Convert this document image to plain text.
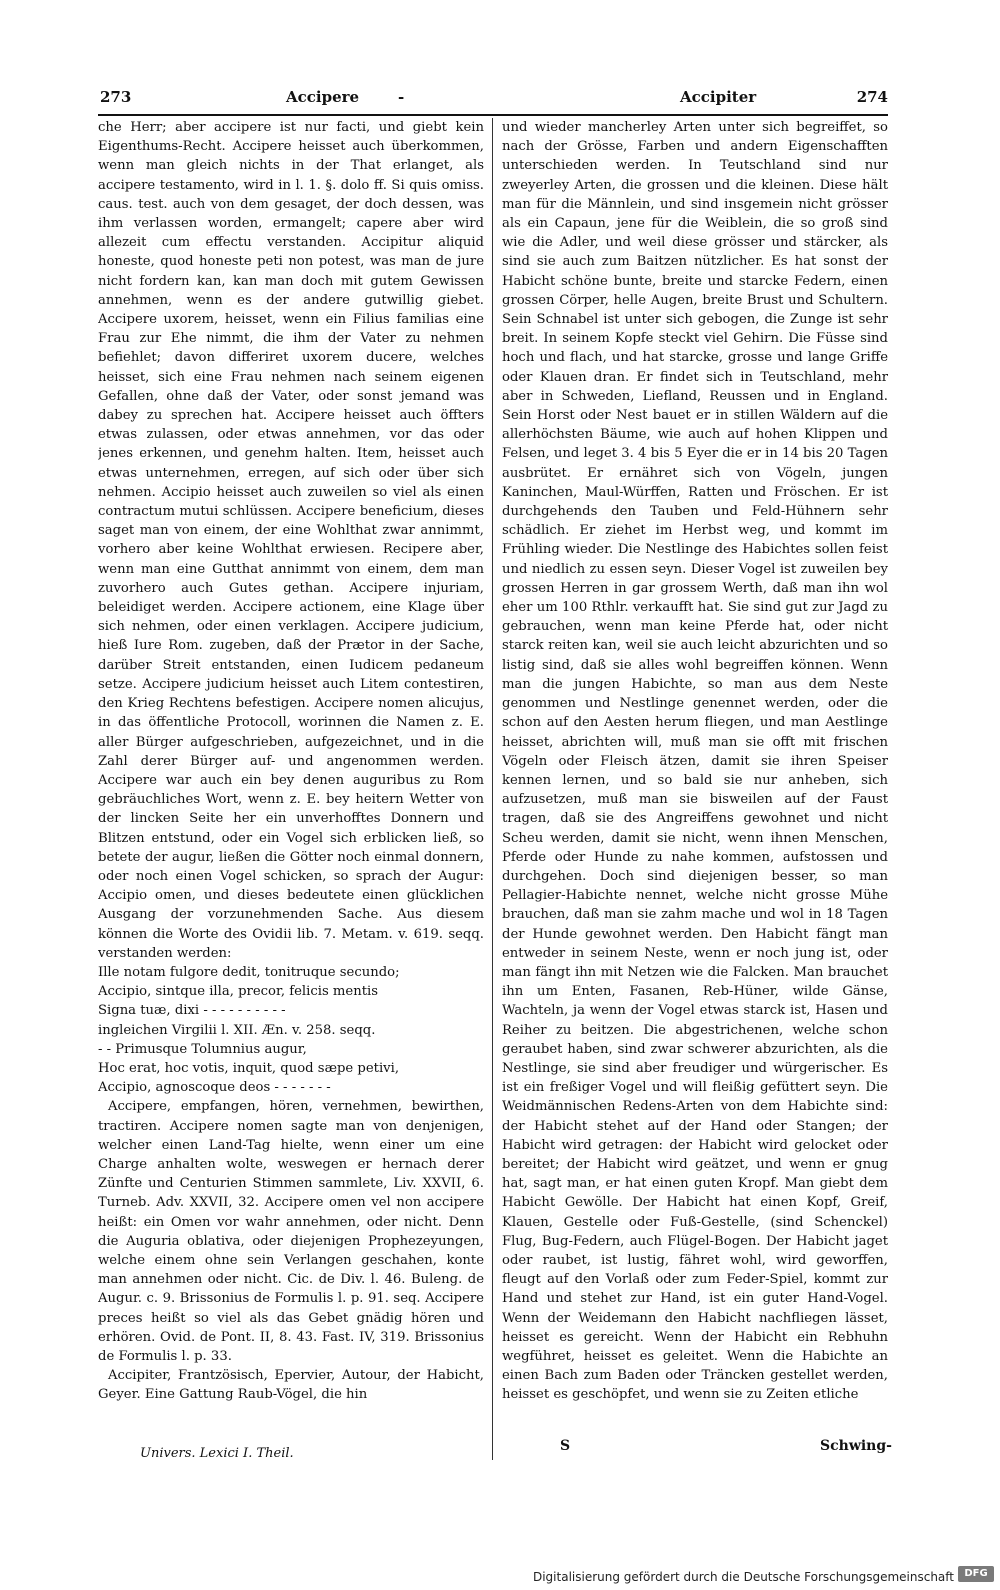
273	Accipere	-	Accipiter	274

che Herr; aber accipere ist nur facti, und giebt kein Eigenthums-Recht. Accipere heisset auch überkommen, wenn man gleich nichts in der That erlanget, als accipere testamento, wird in l. 1. §. dolo ff. Si quis omiss. caus. test. auch von dem gesaget, der doch dessen, was ihm verlassen worden, ermangelt; capere aber wird allezeit cum effectu verstanden. Accipitur aliquid honeste, quod honeste peti non potest, was man de jure nicht fordern kan, kan man doch mit gutem Gewissen annehmen, wenn es der andere gutwillig giebet. Accipere uxorem, heisset, wenn ein Filius familias eine Frau zur Ehe nimmt, die ihm der Vater zu nehmen befiehlet; davon differiret uxorem ducere, welches heisset, sich eine Frau nehmen nach seinem eigenen Gefallen, ohne daß der Vater, oder sonst jemand was dabey zu sprechen hat. Accipere heisset auch öffters etwas zulassen, oder etwas annehmen, vor das oder jenes erkennen, und genehm halten. Item, heisset auch etwas unternehmen, erregen, auf sich oder über sich nehmen. Accipio heisset auch zuweilen so viel als einen contractum mutui schlüssen. Accipere beneficium, dieses saget man von einem, der eine Wohlthat zwar annimmt, vorhero aber keine Wohlthat erwiesen. Recipere aber, wenn man eine Gutthat annimmt von einem, dem man zuvorhero auch Gutes gethan. Accipere injuriam, beleidiget werden. Accipere actionem, eine Klage über sich nehmen, oder einen verklagen. Accipere judicium, hieß Iure Rom. zugeben, daß der Prætor in der Sache, darüber Streit entstanden, einen Iudicem pedaneum setze. Accipere judicium heisset auch Litem contestiren, den Krieg Rechtens befestigen. Accipere nomen alicujus, in das öffentliche Protocoll, worinnen die Namen z. E. aller Bürger aufgeschrieben, aufgezeichnet, und in die Zahl derer Bürger auf- und angenommen werden. Accipere war auch ein bey denen auguribus zu Rom gebräuchliches Wort, wenn z. E. bey heitern Wetter von der lincken Seite her ein unverhofftes Donnern und Blitzen entstund, oder ein Vogel sich erblicken ließ, so betete der augur, ließen die Götter noch einmal donnern, oder noch einen Vogel schicken, so sprach der Augur: Accipio omen, und dieses bedeutete einen glücklichen Ausgang der vorzunehmenden Sache. Aus diesem können die Worte des Ovidii lib. 7. Metam. v. 619. seqq. verstanden werden:

Ille notam fulgore dedit, tonitruque secundo;

Accipio, sintque illa, precor, felicis mentis

Signa tuæ, dixi - - - - - - - - - -

ingleichen Virgilii l. XII. Æn. v. 258. seqq.

- - Primusque Tolumnius augur,

Hoc erat, hoc votis, inquit, quod sæpe petivi,

Accipio, agnoscoque deos - - - - - - -

Accipere, empfangen, hören, vernehmen, bewirthen, tractiren. Accipere nomen sagte man von denjenigen, welcher einen Land-Tag hielte, wenn einer um eine Charge anhalten wolte, weswegen er hernach derer Zünfte und Centurien Stimmen sammlete, Liv. XXVII, 6. Turneb. Adv. XXVII, 32. Accipere omen vel non accipere heißt: ein Omen vor wahr annehmen, oder nicht. Denn die Auguria oblativa, oder diejenigen Prophezeyungen, welche einem ohne sein Verlangen geschahen, konte man annehmen oder nicht. Cic. de Div. l. 46. Buleng. de Augur. c. 9. Brissonius de Formulis l. p. 91. seq. Accipere preces heißt so viel als das Gebet gnädig hören und erhören. Ovid. de Pont. II, 8. 43. Fast. IV, 319. Brissonius de Formulis l. p. 33.

Accipiter, Frantzösisch, Epervier, Autour, der Habicht, Geyer. Eine Gattung Raub-Vögel, die hin

und wieder mancherley Arten unter sich begreiffet, so nach der Grösse, Farben und andern Eigenschafften unterschieden werden. In Teutschland sind nur zweyerley Arten, die grossen und die kleinen. Diese hält man für die Männlein, und sind insgemein nicht grösser als ein Capaun, jene für die Weiblein, die so groß sind wie die Adler, und weil diese grösser und stärcker, als sind sie auch zum Baitzen nützlicher. Es hat sonst der Habicht schöne bunte, breite und starcke Federn, einen grossen Cörper, helle Augen, breite Brust und Schultern. Sein Schnabel ist unter sich gebogen, die Zunge ist sehr breit. In seinem Kopfe steckt viel Gehirn. Die Füsse sind hoch und flach, und hat starcke, grosse und lange Griffe oder Klauen dran. Er findet sich in Teutschland, mehr aber in Schweden, Liefland, Reussen und in England. Sein Horst oder Nest bauet er in stillen Wäldern auf die allerhöchsten Bäume, wie auch auf hohen Klippen und Felsen, und leget 3. 4 bis 5 Eyer die er in 14 bis 20 Tagen ausbrütet. Er ernähret sich von Vögeln, jungen Kaninchen, Maul-Würffen, Ratten und Fröschen. Er ist durchgehends den Tauben und Feld-Hühnern sehr schädlich. Er ziehet im Herbst weg, und kommt im Frühling wieder. Die Nestlinge des Habichtes sollen feist und niedlich zu essen seyn. Dieser Vogel ist zuweilen bey grossen Herren in gar grossem Werth, daß man ihn wol eher um 100 Rthlr. verkaufft hat. Sie sind gut zur Jagd zu gebrauchen, wenn man keine Pferde hat, oder nicht starck reiten kan, weil sie auch leicht abzurichten und so listig sind, daß sie alles wohl begreiffen können. Wenn man die jungen Habichte, so man aus dem Neste genommen und Nestlinge genennet werden, oder die schon auf den Aesten herum fliegen, und man Aestlinge heisset, abrichten will, muß man sie offt mit frischen Vögeln oder Fleisch ätzen, damit sie ihren Speiser kennen lernen, und so bald sie nur anheben, sich aufzusetzen, muß man sie bisweilen auf der Faust tragen, daß sie des Angreiffens gewohnet und nicht Scheu werden, damit sie nicht, wenn ihnen Menschen, Pferde oder Hunde zu nahe kommen, aufstossen und durchgehen. Doch sind diejenigen besser, so man Pellagier-Habichte nennet, welche nicht grosse Mühe brauchen, daß man sie zahm mache und wol in 18 Tagen der Hunde gewohnet werden. Den Habicht fängt man entweder in seinem Neste, wenn er noch jung ist, oder man fängt ihn mit Netzen wie die Falcken. Man brauchet ihn um Enten, Fasanen, Reb-Hüner, wilde Gänse, Wachteln, ja wenn der Vogel etwas starck ist, Hasen und Reiher zu beitzen. Die abgestrichenen, welche schon geraubet haben, sind zwar schwerer abzurichten, als die Nestlinge, sie sind aber freudiger und würgerischer. Es ist ein freßiger Vogel und will fleißig gefüttert seyn. Die Weidmännischen Redens-Arten von dem Habichte sind: der Habicht stehet auf der Hand oder Stangen; der Habicht wird getragen: der Habicht wird gelocket oder bereitet; der Habicht wird geätzet, und wenn er gnug hat, sagt man, er hat einen guten Kropf. Man giebt dem Habicht Gewölle. Der Habicht hat einen Kopf, Greif, Klauen, Gestelle oder Fuß-Gestelle, (sind Schenckel) Flug, Bug-Federn, auch Flügel-Bogen. Der Habicht jaget oder raubet, ist lustig, fähret wohl, wird geworffen, fleugt auf den Vorlaß oder zum Feder-Spiel, kommt zur Hand und stehet zur Hand, ist ein guter Hand-Vogel. Wenn der Weidemann den Habicht nachfliegen lässet, heisset es gereicht. Wenn der Habicht ein Rebhuhn wegführet, heisset es geleitet. Wenn die Habichte an einen Bach zum Baden oder Träncken gestellet werden, heisset es geschöpfet, und wenn sie zu Zeiten etliche

Univers. Lexici I. Theil.	S	Schwing-
Digitalisierung gefördert durch die Deutsche Forschungsgemeinschaft	DFG
